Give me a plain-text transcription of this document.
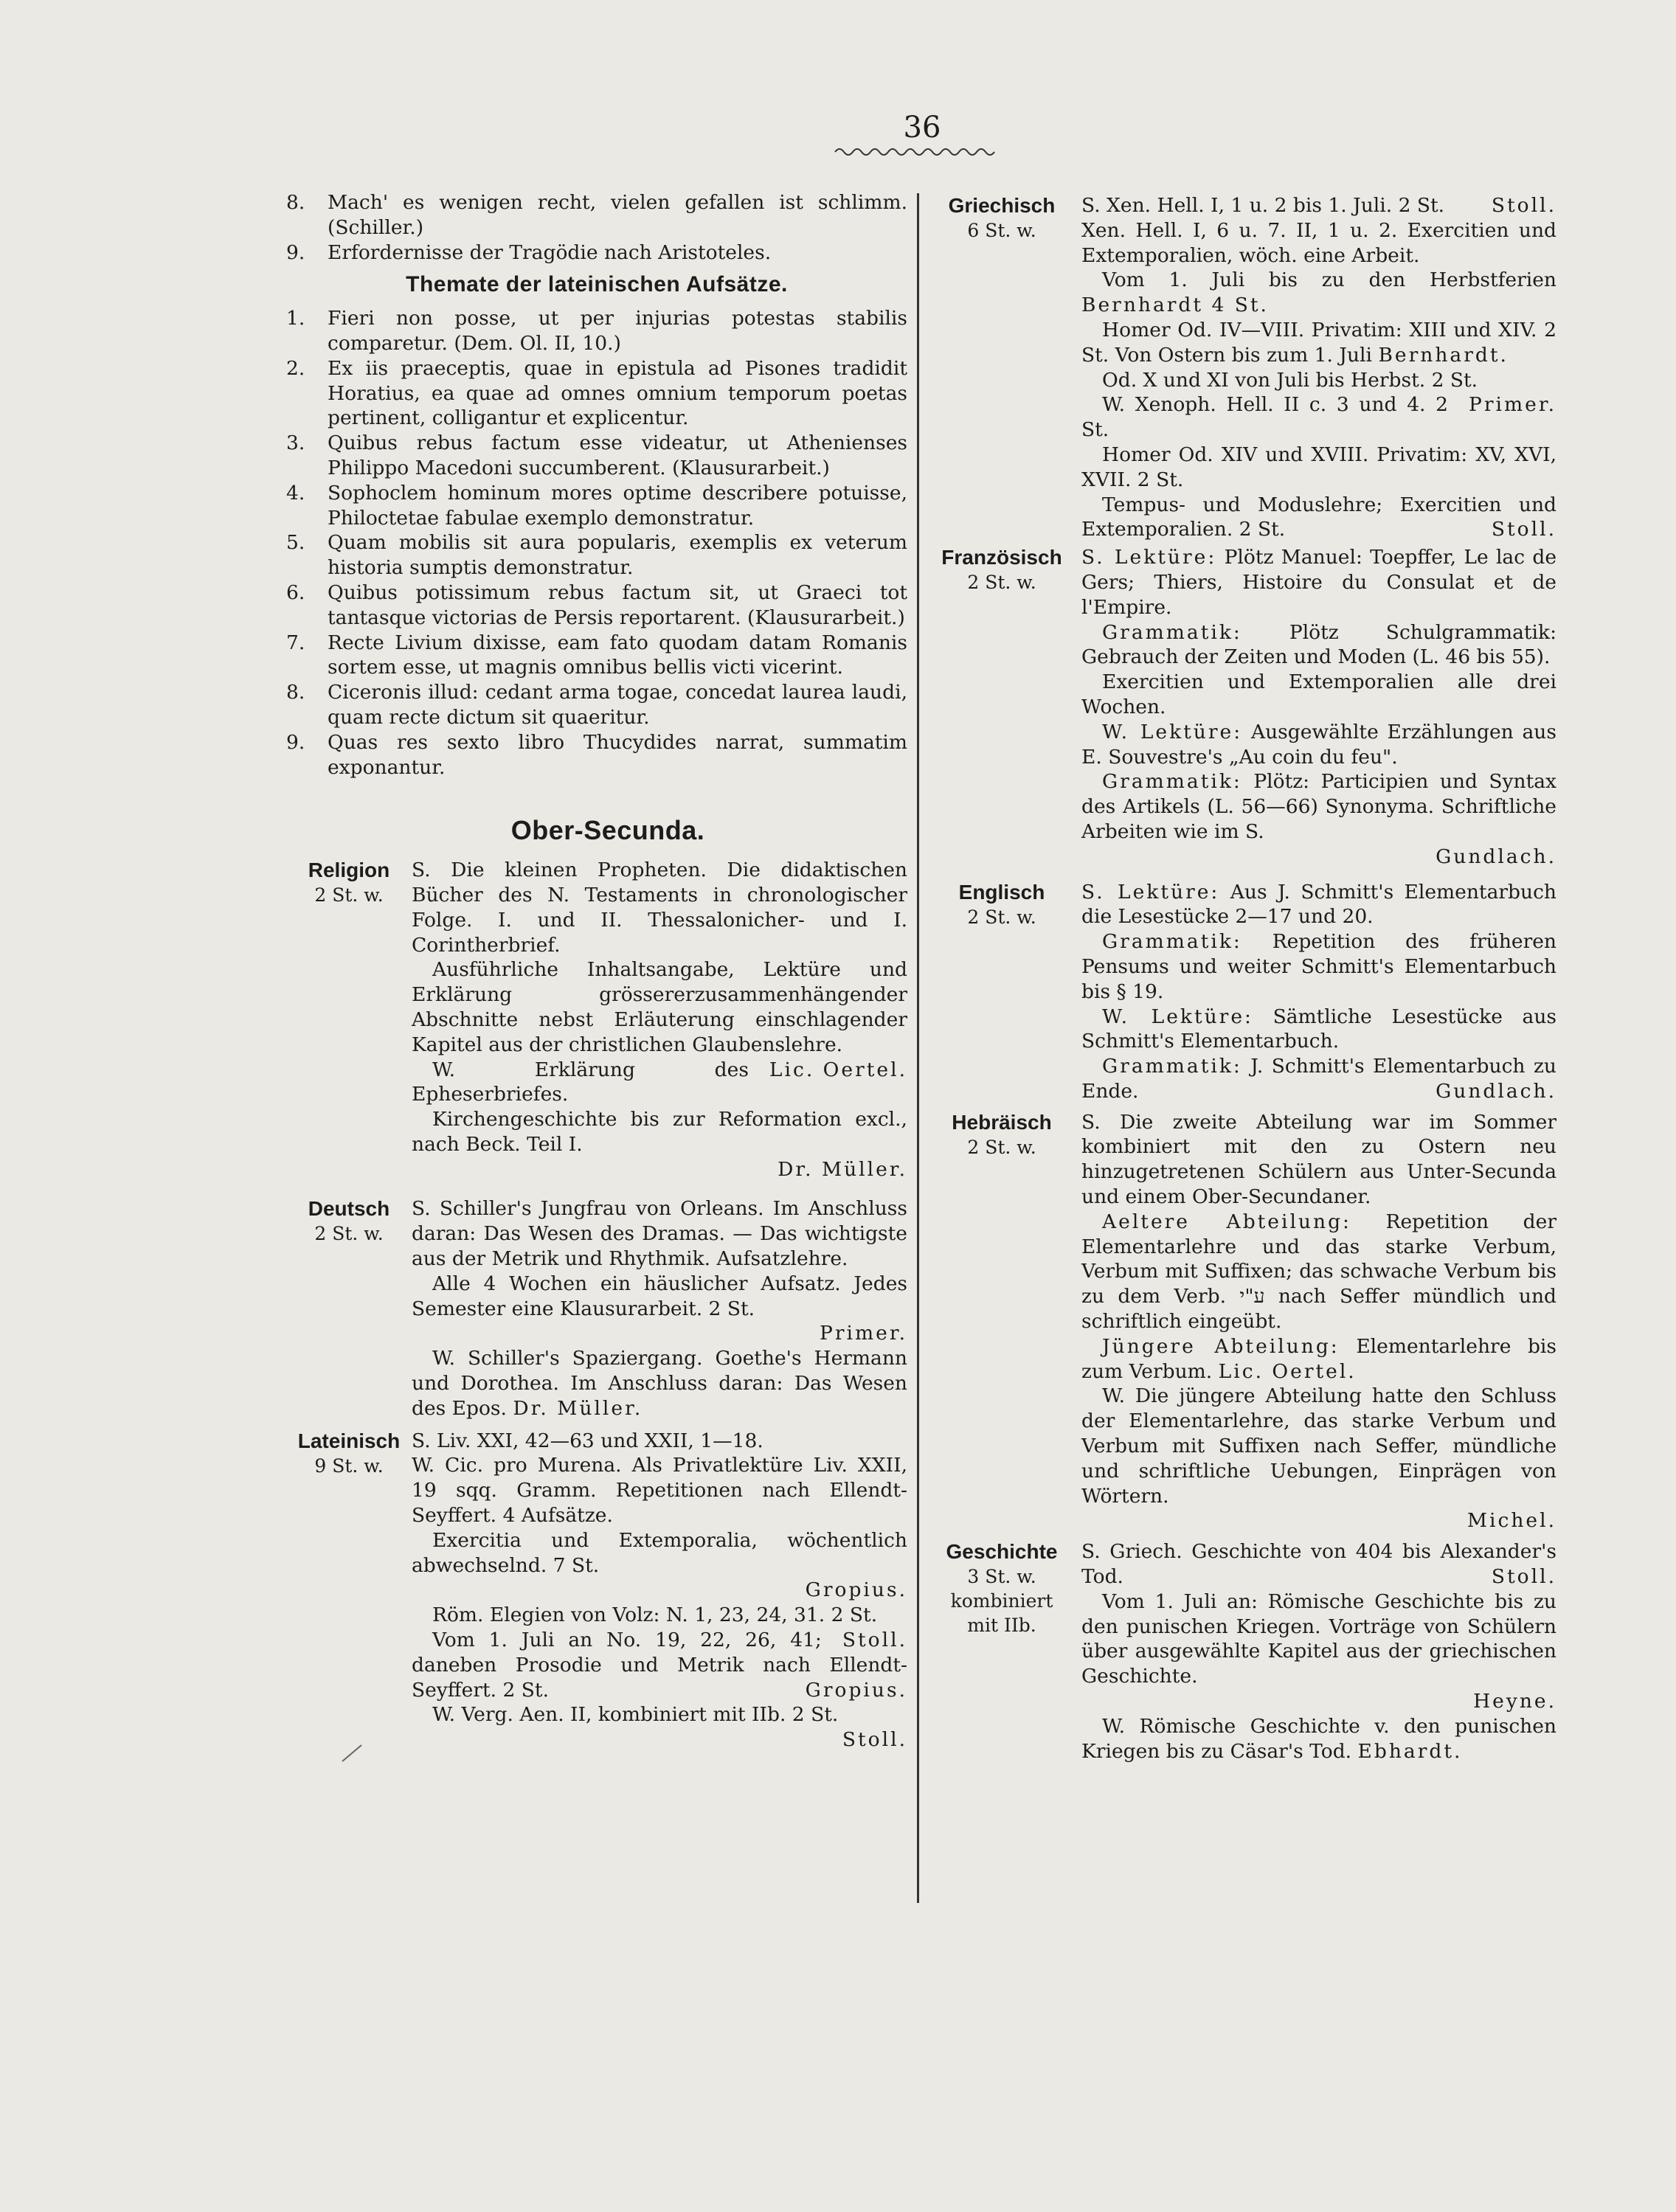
36
8.	Mach' es wenigen recht, vielen gefallen ist schlimm. (Schiller.)
9.	Erfordernisse der Tragödie nach Aristoteles.
Themate der lateinischen Aufsätze.
1.	Fieri non posse, ut per injurias potestas stabilis comparetur. (Dem. Ol. II, 10.)
2.	Ex iis praeceptis, quae in epistula ad Pisones tradidit Horatius, ea quae ad omnes omnium temporum poetas pertinent, colligantur et explicentur.
3.	Quibus rebus factum esse videatur, ut Athenienses Philippo Macedoni succumberent. (Klausurarbeit.)
4.	Sophoclem hominum mores optime describere potuisse, Philoctetae fabulae exemplo demonstratur.
5.	Quam mobilis sit aura popularis, exemplis ex veterum historia sumptis demonstratur.
6.	Quibus potissimum rebus factum sit, ut Graeci tot tantasque victorias de Persis reportarent. (Klausurarbeit.)
7.	Recte Livium dixisse, eam fato quodam datam Romanis sortem esse, ut magnis omnibus bellis victi vicerint.
8.	Ciceronis illud: cedant arma togae, concedat laurea laudi, quam recte dictum sit quaeritur.
9.	Quas res sexto libro Thucydides narrat, summatim exponantur.
Ober-Secunda.
Religion
2 St. w.

S. Die kleinen Propheten. Die didaktischen Bücher des N. Testaments in chronologischer Folge. I. und II. Thessalonicher- und I. Corintherbrief.

Ausführliche Inhaltsangabe, Lektüre und Erklärung grössererzusammenhängender Abschnitte nebst Erläuterung einschlagender Kapitel aus der christlichen Glaubenslehre.
Lic. Oertel.

W. Erklärung des Epheserbriefes.

Kirchengeschichte bis zur Reformation excl., nach Beck. Teil I.

Dr. Müller.
Deutsch
2 St. w.

S. Schiller's Jungfrau von Orleans. Im Anschluss daran: Das Wesen des Dramas. — Das wichtigste aus der Metrik und Rhythmik. Aufsatzlehre.

Alle 4 Wochen ein häuslicher Aufsatz. Jedes Semester eine Klausurarbeit. 2 St.

Primer.

W. Schiller's Spaziergang. Goethe's Hermann und Dorothea. Im Anschluss daran: Das Wesen des Epos. Dr. Müller.

Lateinisch
9 St. w.

S. Liv. XXI, 42—63 und XXII, 1—18.

W. Cic. pro Murena. Als Privatlektüre Liv. XXII, 19 sqq. Gramm. Repetitionen nach Ellendt-Seyffert. 4 Aufsätze.

Exercitia und Extemporalia, wöchentlich abwechselnd. 7 St.

Gropius.

Röm. Elegien von Volz: N. 1, 23, 24, 31. 2 St.
Stoll.

Vom 1. Juli an No. 19, 22, 26, 41; daneben Prosodie und Metrik nach Ellendt-Seyffert. 2 St.	Gropius.

W. Verg. Aen. II, kombiniert mit IIb. 2 St.
Stoll.

Griechisch
6 St. w.

S. Xen. Hell. I, 1 u. 2 bis 1. Juli. 2 St. Stoll.

Xen. Hell. I, 6 u. 7. II, 1 u. 2. Exercitien und Extemporalien, wöch. eine Arbeit.

Vom 1. Juli bis zu den Herbstferien Bernhardt 4 St.

Homer Od. IV—VIII. Privatim: XIII und XIV. 2 St. Von Ostern bis zum 1. Juli Bernhardt.

Od. X und XI von Juli bis Herbst. 2 St.
Primer.

W. Xenoph. Hell. II c. 3 und 4. 2 St.

Homer Od. XIV und XVIII. Privatim: XV, XVI, XVII. 2 St.

Tempus- und Moduslehre; Exercitien und Extemporalien. 2 St.	Stoll.

Französisch
2 St. w.

S. Lektüre: Plötz Manuel: Toepffer, Le lac de Gers; Thiers, Histoire du Consulat et de l'Empire.

Grammatik: Plötz Schulgrammatik: Gebrauch der Zeiten und Moden (L. 46 bis 55).

Exercitien und Extemporalien alle drei Wochen.

W. Lektüre: Ausgewählte Erzählungen aus E. Souvestre's „Au coin du feu".

Grammatik: Plötz: Participien und Syntax des Artikels (L. 56—66) Synonyma. Schriftliche Arbeiten wie im S.

Gundlach.
Englisch
2 St. w.

S. Lektüre: Aus J. Schmitt's Elementarbuch die Lesestücke 2—17 und 20.

Grammatik: Repetition des früheren Pensums und weiter Schmitt's Elementarbuch bis § 19.

W. Lektüre: Sämtliche Lesestücke aus Schmitt's Elementarbuch.

Grammatik: J. Schmitt's Elementarbuch zu Ende.	Gundlach.

Hebräisch
2 St. w.

S. Die zweite Abteilung war im Sommer kombiniert mit den zu Ostern neu hinzugetretenen Schülern aus Unter-Secunda und einem Ober-Secundaner.

Aeltere Abteilung: Repetition der Elementarlehre und das starke Verbum, Verbum mit Suffixen; das schwache Verbum bis zu dem Verb. ע"י nach Seffer mündlich und schriftlich eingeübt.

Jüngere Abteilung: Elementarlehre bis zum Verbum. Lic. Oertel.

W. Die jüngere Abteilung hatte den Schluss der Elementarlehre, das starke Verbum und Verbum mit Suffixen nach Seffer, mündliche und schriftliche Uebungen, Einprägen von Wörtern.

Michel.
Geschichte
3 St. w.
kombiniert
mit IIb.

S. Griech. Geschichte von 404 bis Alexander's Tod.	Stoll.

Vom 1. Juli an: Römische Geschichte bis zu den punischen Kriegen. Vorträge von Schülern über ausgewählte Kapitel aus der griechischen Geschichte.

Heyne.

W. Römische Geschichte v. den punischen Kriegen bis zu Cäsar's Tod. Ebhardt.
